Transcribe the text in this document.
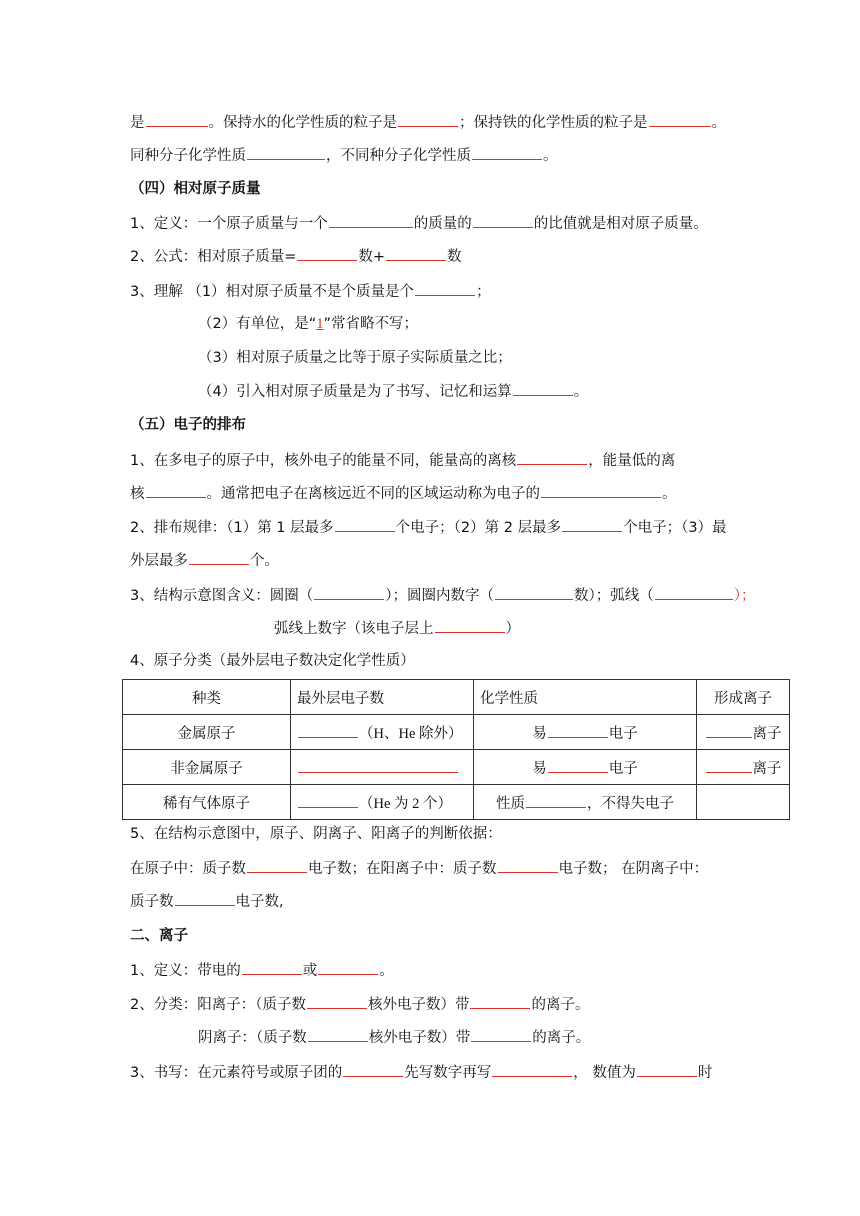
是	。保持水的化学性质的粒子是	；保持铁的化学性质的粒子是	。
同种分子化学性质	，不同种分子化学性质	。
（四）相对原子质量
1、定义：一个原子质量与一个	的质量的	的比值就是相对原子质量。
2、公式：相对原子质量=	数+	数
3、理解 （1）相对原子质量不是个质量是个	；
（2）有单位，是“1”常省略不写；
（3）相对原子质量之比等于原子实际质量之比；
（4）引入相对原子质量是为了书写、记忆和运算	。
（五）电子的排布
1、在多电子的原子中，核外电子的能量不同，能量高的离核	，能量低的离
核	。通常把电子在离核远近不同的区域运动称为电子的	。
2、排布规律：（1）第 1 层最多	个电子；（2）第 2 层最多	个电子；（3）最
外层最多	个。
3、结构示意图含义：圆圈（	）；圆圈内数字（	数）；弧线（	）；
弧线上数字（该电子层上	）
4、原子分类（最外层电子数决定化学性质）
种类	最外层电子数	化学性质	形成离子
金属原子	（H、He 除外）	易 电子	离子
非金属原子		易 电子	离子
稀有气体原子	（He 为 2 个）	性质 ，不得失电子	
5、在结构示意图中，原子、阴离子、阳离子的判断依据：
在原子中：质子数	电子数；在阳离子中：质子数	电子数； 在阴离子中：
质子数	电子数,
二、离子
1、定义：带电的	或	。
2、分类：阳离子：（质子数	核外电子数）带	的离子。
阴离子：（质子数	核外电子数）带	的离子。
3、书写：在元素符号或原子团的	先写数字再写	， 数值为	时
